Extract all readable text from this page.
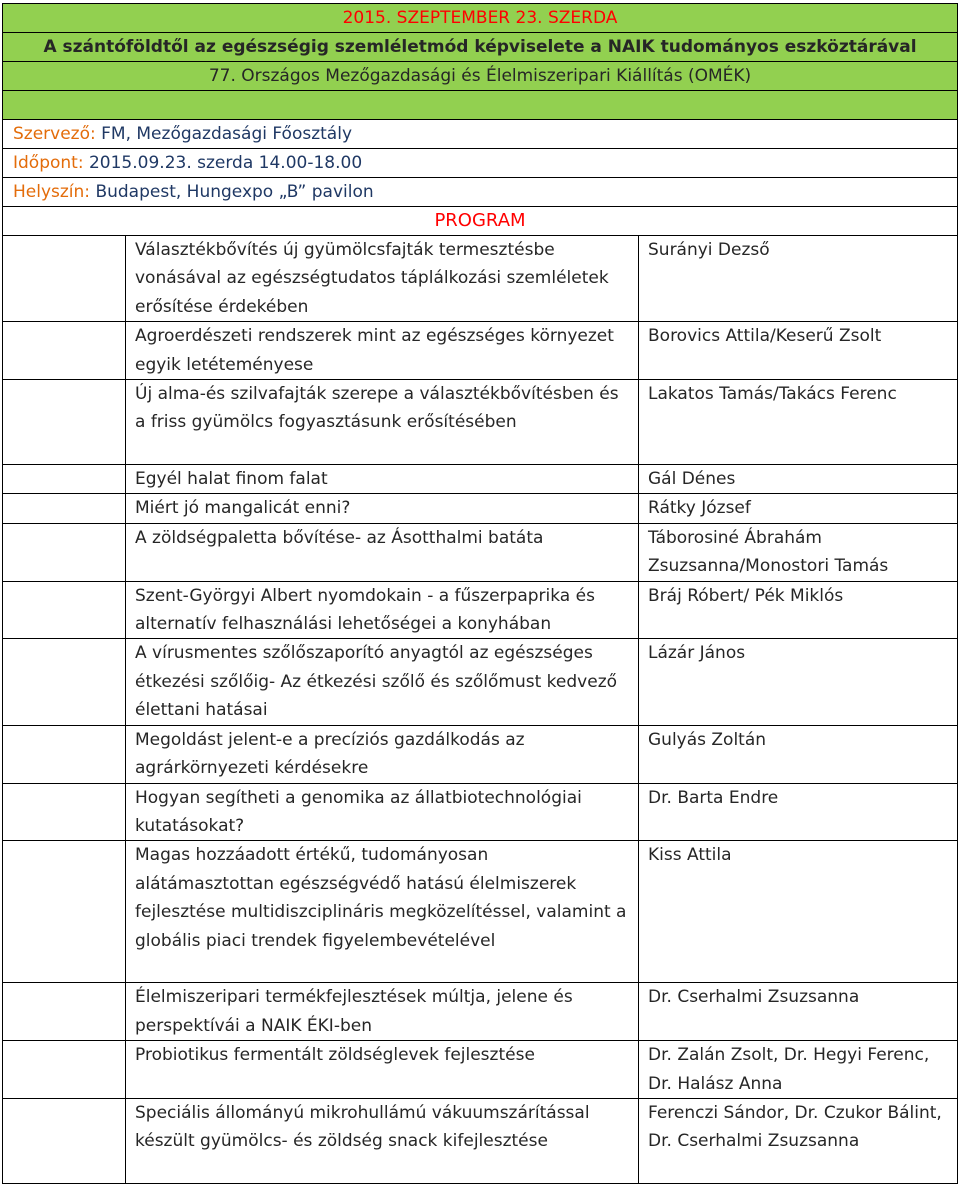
2015. SZEPTEMBER 23. SZERDA		
A szántóföldtől az egészségig szemléletmód képviselete a NAIK tudományos eszköztárával		
77. Országos Mezőgazdasági és Élelmiszeripari Kiállítás (OMÉK)		

Szervező: FM, Mezőgazdasági Főosztály		
Időpont: 2015.09.23. szerda 14.00-18.00		
Helyszín: Budapest, Hungexpo „B” pavilon		
PROGRAM		
	Választékbővítés új gyümölcsfajták termesztésbe vonásával az egészségtudatos táplálkozási szemléletek erősítése érdekében	Surányi Dezső
	Agroerdészeti rendszerek mint az egészséges környezet egyik letéteményese	Borovics Attila/Keserű Zsolt
	Új alma-és szilvafajták szerepe a választékbővítésben és a friss gyümölcs fogyasztásunk erősítésében	Lakatos Tamás/Takács Ferenc
	Egyél halat finom falat	Gál Dénes
	Miért jó mangalicát enni?	Rátky József
	A zöldségpaletta bővítése- az Ásotthalmi batáta	Táborosiné Ábrahám Zsuzsanna/Monostori Tamás
	Szent-Györgyi Albert nyomdokain - a fűszerpaprika és alternatív felhasználási lehetőségei a konyhában	Bráj Róbert/ Pék Miklós
	A vírusmentes szőlőszaporító anyagtól az egészséges étkezési szőlőig- Az étkezési szőlő és szőlőmust kedvező élettani hatásai	Lázár János
	Megoldást jelent-e a precíziós gazdálkodás az agrárkörnyezeti kérdésekre	Gulyás Zoltán
	Hogyan segítheti a genomika az állatbiotechnológiai kutatásokat?	Dr. Barta Endre
	Magas hozzáadott értékű, tudományosan alátámasztottan egészségvédő hatású élelmiszerek fejlesztése multidiszciplináris megközelítéssel, valamint a globális piaci trendek figyelembevételével	Kiss Attila
	Élelmiszeripari termékfejlesztések múltja, jelene és perspektívái a NAIK ÉKI-ben	Dr. Cserhalmi Zsuzsanna
	Probiotikus fermentált zöldséglevek fejlesztése	Dr. Zalán Zsolt, Dr. Hegyi Ferenc, Dr. Halász Anna
	Speciális állományú mikrohullámú vákuumszárítással készült gyümölcs- és zöldség snack kifejlesztése	Ferenczi Sándor, Dr. Czukor Bálint, Dr. Cserhalmi Zsuzsanna
